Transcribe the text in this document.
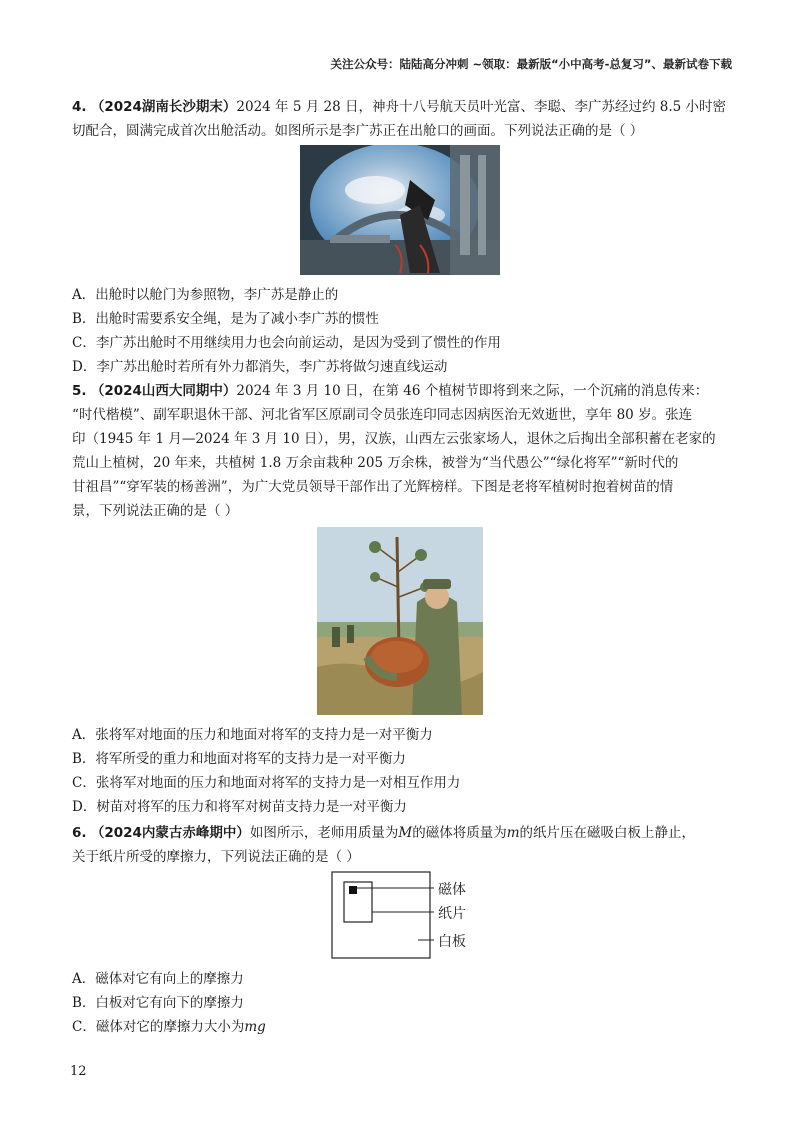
关注公众号：陆陆高分冲刺 ~领取：最新版“小中高考-总复习”、最新试卷下载
4. （2024湖南长沙期末）2024 年 5 月 28 日，神舟十八号航天员叶光富、李聪、李广苏经过约 8.5 小时密
切配合，圆满完成首次出舱活动。如图所示是李广苏正在出舱口的画面。下列说法正确的是（ ）
A．出舱时以舱门为参照物，李广苏是静止的
B．出舱时需要系安全绳，是为了减小李广苏的惯性
C．李广苏出舱时不用继续用力也会向前运动，是因为受到了惯性的作用
D．李广苏出舱时若所有外力都消失，李广苏将做匀速直线运动
5. （2024山西大同期中）2024 年 3 月 10 日，在第 46 个植树节即将到来之际，一个沉痛的消息传来：
“时代楷模”、副军职退休干部、河北省军区原副司令员张连印同志因病医治无效逝世，享年 80 岁。张连
印（1945 年 1 月—2024 年 3 月 10 日），男，汉族，山西左云张家场人，退休之后掏出全部积蓄在老家的
荒山上植树，20 年来，共植树 1.8 万余亩栽种 205 万余株，被誉为“当代愚公”“绿化将军”“新时代的
甘祖昌”“穿军装的杨善洲”，为广大党员领导干部作出了光辉榜样。下图是老将军植树时抱着树苗的情
景，下列说法正确的是（ ）
A．张将军对地面的压力和地面对将军的支持力是一对平衡力
B．将军所受的重力和地面对将军的支持力是一对平衡力
C．张将军对地面的压力和地面对将军的支持力是一对相互作用力
D．树苗对将军的压力和将军对树苗支持力是一对平衡力
6. （2024内蒙古赤峰期中）如图所示，老师用质量为M的磁体将质量为m的纸片压在磁吸白板上静止，
关于纸片所受的摩擦力，下列说法正确的是（ ）
磁体
纸片
白板
A．磁体对它有向上的摩擦力
B．白板对它有向下的摩擦力
C．磁体对它的摩擦力大小为mg
12
